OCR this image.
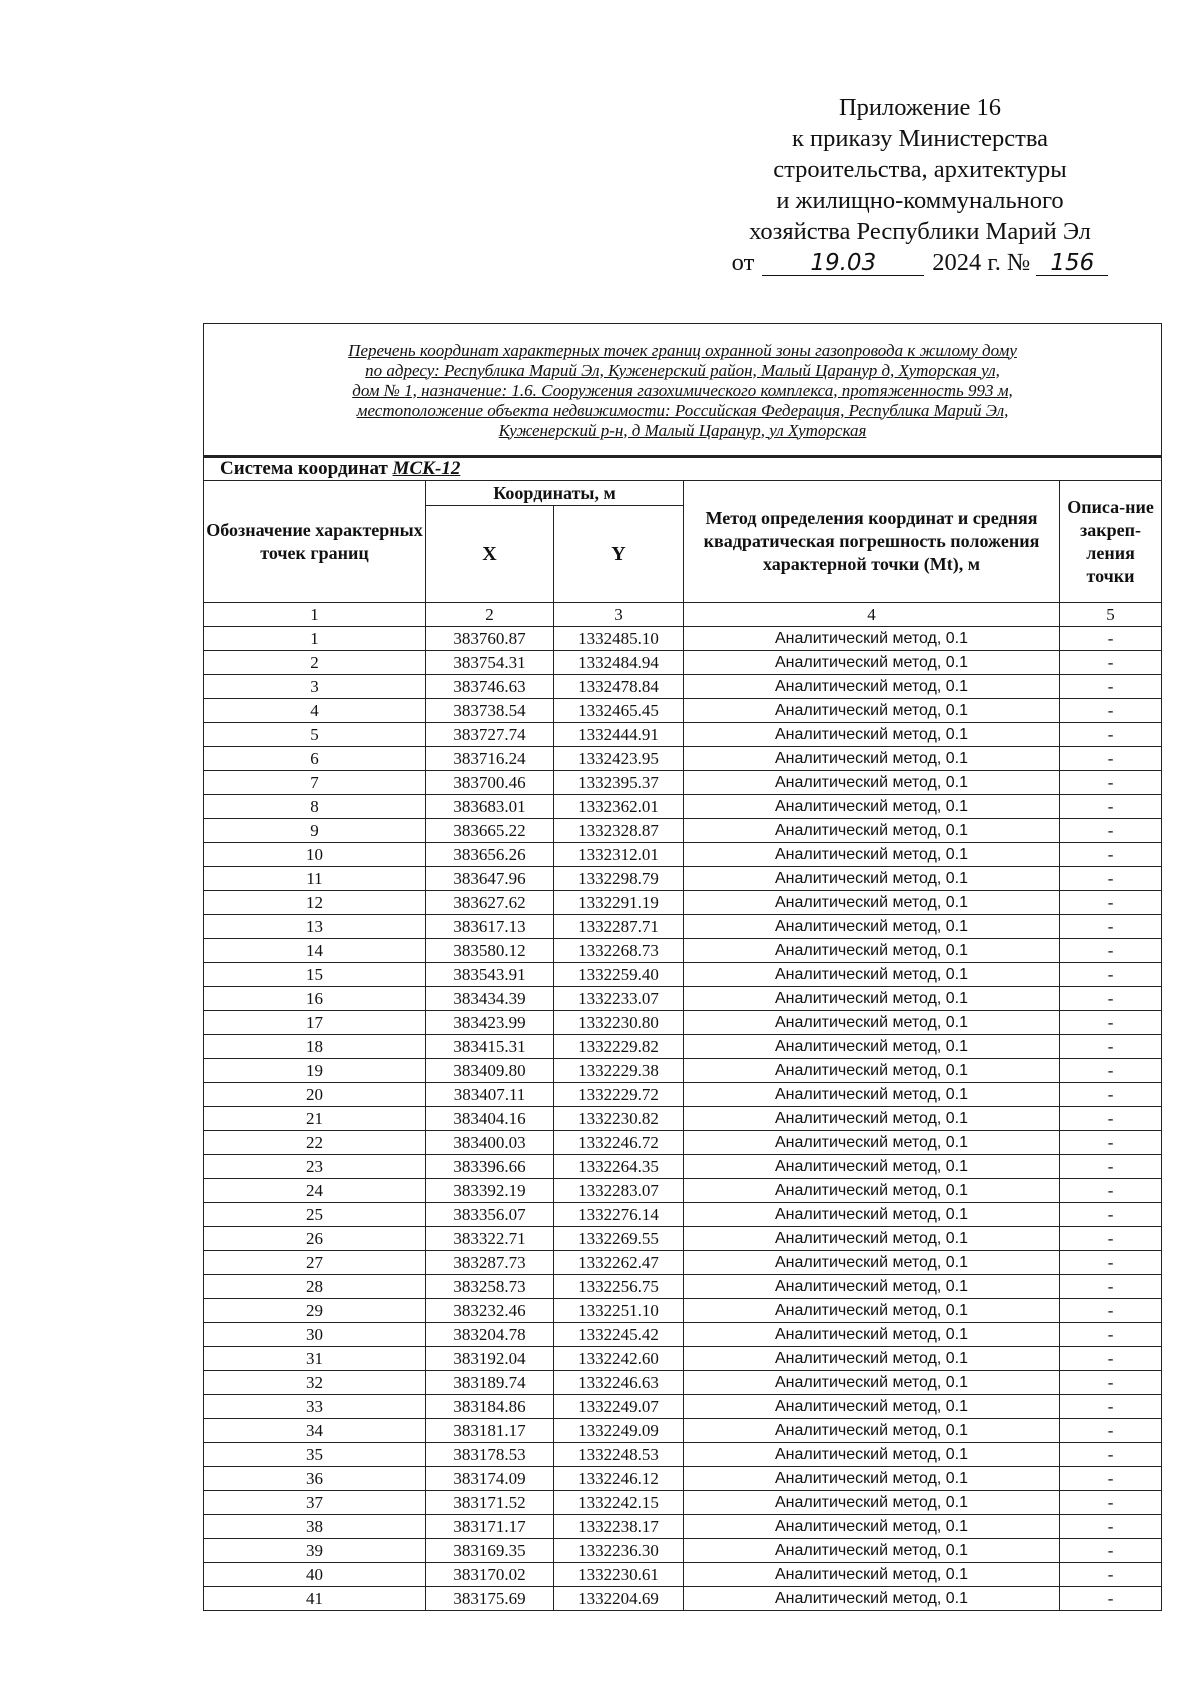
Приложение 16
к приказу Министерства
строительства, архитектуры
и жилищно-коммунального
хозяйства Республики Марий Эл
от 19.03 2024 г. № 156
Перечень координат характерных точек границ охранной зоны газопровода к жилому дому
по адресу: Республика Марий Эл, Куженерский район, Малый Царанур д, Хуторская ул,
дом № 1, назначение: 1.6. Сооружения газохимического комплекса, протяженность 993 м,
местоположение объекта недвижимости: Российская Федерация, Республика Марий Эл,
Куженерский р-н, д Малый Царанур, ул Хуторская				

Система координат МСК-12				
Обозначение характерных точек границ	Координаты, м		Метод определения координат и средняя квадратическая погрешность положения характерной точки (Mt), м	Описа-ние закреп-ления точки
	X	Y		
1	2	3	4	5
1	383760.87	1332485.10	Аналитический метод, 0.1	-
2	383754.31	1332484.94	Аналитический метод, 0.1	-
3	383746.63	1332478.84	Аналитический метод, 0.1	-
4	383738.54	1332465.45	Аналитический метод, 0.1	-
5	383727.74	1332444.91	Аналитический метод, 0.1	-
6	383716.24	1332423.95	Аналитический метод, 0.1	-
7	383700.46	1332395.37	Аналитический метод, 0.1	-
8	383683.01	1332362.01	Аналитический метод, 0.1	-
9	383665.22	1332328.87	Аналитический метод, 0.1	-
10	383656.26	1332312.01	Аналитический метод, 0.1	-
11	383647.96	1332298.79	Аналитический метод, 0.1	-
12	383627.62	1332291.19	Аналитический метод, 0.1	-
13	383617.13	1332287.71	Аналитический метод, 0.1	-
14	383580.12	1332268.73	Аналитический метод, 0.1	-
15	383543.91	1332259.40	Аналитический метод, 0.1	-
16	383434.39	1332233.07	Аналитический метод, 0.1	-
17	383423.99	1332230.80	Аналитический метод, 0.1	-
18	383415.31	1332229.82	Аналитический метод, 0.1	-
19	383409.80	1332229.38	Аналитический метод, 0.1	-
20	383407.11	1332229.72	Аналитический метод, 0.1	-
21	383404.16	1332230.82	Аналитический метод, 0.1	-
22	383400.03	1332246.72	Аналитический метод, 0.1	-
23	383396.66	1332264.35	Аналитический метод, 0.1	-
24	383392.19	1332283.07	Аналитический метод, 0.1	-
25	383356.07	1332276.14	Аналитический метод, 0.1	-
26	383322.71	1332269.55	Аналитический метод, 0.1	-
27	383287.73	1332262.47	Аналитический метод, 0.1	-
28	383258.73	1332256.75	Аналитический метод, 0.1	-
29	383232.46	1332251.10	Аналитический метод, 0.1	-
30	383204.78	1332245.42	Аналитический метод, 0.1	-
31	383192.04	1332242.60	Аналитический метод, 0.1	-
32	383189.74	1332246.63	Аналитический метод, 0.1	-
33	383184.86	1332249.07	Аналитический метод, 0.1	-
34	383181.17	1332249.09	Аналитический метод, 0.1	-
35	383178.53	1332248.53	Аналитический метод, 0.1	-
36	383174.09	1332246.12	Аналитический метод, 0.1	-
37	383171.52	1332242.15	Аналитический метод, 0.1	-
38	383171.17	1332238.17	Аналитический метод, 0.1	-
39	383169.35	1332236.30	Аналитический метод, 0.1	-
40	383170.02	1332230.61	Аналитический метод, 0.1	-
41	383175.69	1332204.69	Аналитический метод, 0.1	-
